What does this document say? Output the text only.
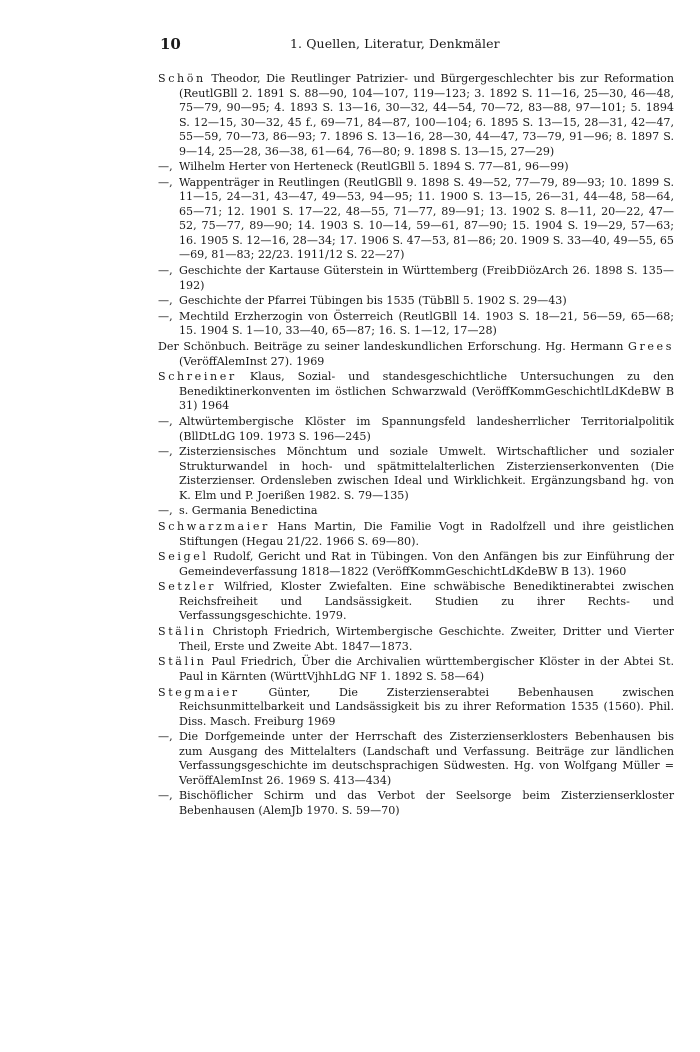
10	1. Quellen, Literatur, Denkmäler
Schön Theodor, Die Reutlinger Patrizier- und Bürgergeschlechter bis zur Reformation (ReutlGBll 2. 1891 S. 88—90, 104—107, 119—123; 3. 1892 S. 11—16, 25—30, 46—48, 75—79, 90—95; 4. 1893 S. 13—16, 30—32, 44—54, 70—72, 83—88, 97—101; 5. 1894 S. 12—15, 30—32, 45 f., 69—71, 84—87, 100—104; 6. 1895 S. 13—15, 28—31, 42—47, 55—59, 70—73, 86—93; 7. 1896 S. 13—16, 28—30, 44—47, 73—79, 91—96; 8. 1897 S. 9—14, 25—28, 36—38, 61—64, 76—80; 9. 1898 S. 13—15, 27—29)
—, Wilhelm Herter von Herteneck (ReutlGBll 5. 1894 S. 77—81, 96—99)
—, Wappenträger in Reutlingen (ReutlGBll 9. 1898 S. 49—52, 77—79, 89—93; 10. 1899 S. 11—15, 24—31, 43—47, 49—53, 94—95; 11. 1900 S. 13—15, 26—31, 44—48, 58—64, 65—71; 12. 1901 S. 17—22, 48—55, 71—77, 89—91; 13. 1902 S. 8—11, 20—22, 47—52, 75—77, 89—90; 14. 1903 S. 10—14, 59—61, 87—90; 15. 1904 S. 19—29, 57—63; 16. 1905 S. 12—16, 28—34; 17. 1906 S. 47—53, 81—86; 20. 1909 S. 33—40, 49—55, 65—69, 81—83; 22/23. 1911/12 S. 22—27)
—, Geschichte der Kartause Güterstein in Württemberg (FreibDiözArch 26. 1898 S. 135—192)
—, Geschichte der Pfarrei Tübingen bis 1535 (TübBll 5. 1902 S. 29—43)
—, Mechtild Erzherzogin von Österreich (ReutlGBll 14. 1903 S. 18—21, 56—59, 65—68; 15. 1904 S. 1—10, 33—40, 65—87; 16. S. 1—12, 17—28)
Der Schönbuch. Beiträge zu seiner landeskundlichen Erforschung. Hg. Hermann Grees (VeröffAlemInst 27). 1969
Schreiner Klaus, Sozial- und standesgeschichtliche Untersuchungen zu den Benediktinerkonventen im östlichen Schwarzwald (VeröffKommGeschichtlLdKdeBW B 31) 1964
—, Altwürtembergische Klöster im Spannungsfeld landesherrlicher Territorialpolitik (BllDtLdG 109. 1973 S. 196—245)
—, Zisterziensisches Mönchtum und soziale Umwelt. Wirtschaftlicher und sozialer Strukturwandel in hoch- und spätmittelalterlichen Zisterzienserkonventen (Die Zisterzienser. Ordensleben zwischen Ideal und Wirklichkeit. Ergänzungsband hg. von K. Elm und P. Joerißen 1982. S. 79—135)
—, s. Germania Benedictina
Schwarzmaier Hans Martin, Die Familie Vogt in Radolfzell und ihre geistlichen Stiftungen (Hegau 21/22. 1966 S. 69—80).
Seigel Rudolf, Gericht und Rat in Tübingen. Von den Anfängen bis zur Einführung der Gemeindeverfassung 1818—1822 (VeröffKommGeschichtLdKdeBW B 13). 1960
Setzler Wilfried, Kloster Zwiefalten. Eine schwäbische Benediktinerabtei zwischen Reichsfreiheit und Landsässigkeit. Studien zu ihrer Rechts- und Verfassungsgeschichte. 1979.
Stälin Christoph Friedrich, Wirtembergische Geschichte. Zweiter, Dritter und Vierter Theil, Erste und Zweite Abt. 1847—1873.
Stälin Paul Friedrich, Über die Archivalien württembergischer Klöster in der Abtei St. Paul in Kärnten (WürttVjhhLdG NF 1. 1892 S. 58—64)
Stegmaier Günter, Die Zisterzienserabtei Bebenhausen zwischen Reichsunmittelbarkeit und Landsässigkeit bis zu ihrer Reformation 1535 (1560). Phil. Diss. Masch. Freiburg 1969
—, Die Dorfgemeinde unter der Herrschaft des Zisterzienserklosters Bebenhausen bis zum Ausgang des Mittelalters (Landschaft und Verfassung. Beiträge zur ländlichen Verfassungsgeschichte im deutschsprachigen Südwesten. Hg. von Wolfgang Müller = VeröffAlemInst 26. 1969 S. 413—434)
—, Bischöflicher Schirm und das Verbot der Seelsorge beim Zisterzienserkloster Bebenhausen (AlemJb 1970. S. 59—70)
